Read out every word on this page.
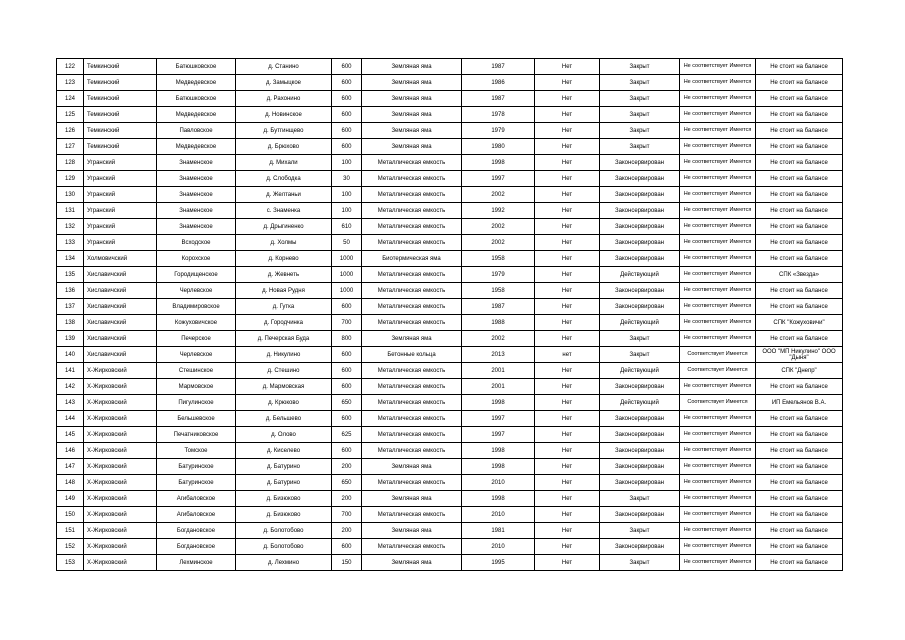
122	Темкинский	Батюшковское	д. Станино	600	Земляная яма	1987	Нет	Закрыт	Не соответствует Имеется	Не стоит на балансе
123	Темкинский	Медведевское	д. Замыцкое	600	Земляная яма	1986	Нет	Закрыт	Не соответствует Имеется	Не стоит на балансе
124	Темкинский	Батюшковское	д. Рахонино	600	Земляная яма	1987	Нет	Закрыт	Не соответствует Имеется	Не стоит на балансе
125	Темкинский	Медведевское	д. Новинское	600	Земляная яма	1978	Нет	Закрыт	Не соответствует Имеется	Не стоит на балансе
126	Темкинский	Павловское	д. Бутгинщево	600	Земляная яма	1979	Нет	Закрыт	Не соответствует Имеется	Не стоит на балансе
127	Темкинский	Медведевское	д. Брюхово	600	Земляная яма	1980	Нет	Закрыт	Не соответствует Имеется	Не стоит на балансе
128	Угранский	Знаменское	д. Михали	100	Металлическая емкость	1998	Нет	Законсервирован	Не соответствует Имеется	Не стоит на балансе
129	Угранский	Знаменское	д. Слободка	30	Металлическая емкость	1997	Нет	Законсервирован	Не соответствует Имеется	Не стоит на балансе
130	Угранский	Знаменское	д. Желтаньи	100	Металлическая емкость	2002	Нет	Законсервирован	Не соответствует Имеется	Не стоит на балансе
131	Угранский	Знаменское	с. Знаменка	100	Металлическая емкость	1992	Нет	Законсервирован	Не соответствует Имеется	Не стоит на балансе
132	Угранский	Знаменское	д. Дрыгиненко	610	Металлическая емкость	2002	Нет	Законсервирован	Не соответствует Имеется	Не стоит на балансе
133	Угранский	Всходское	д. Холмы	50	Металлическая емкость	2002	Нет	Законсервирован	Не соответствует Имеется	Не стоит на балансе
134	Холмовичский	Корохское	д. Корнево	1000	Биотермическая яма	1958	Нет	Законсервирован	Не соответствует Имеется	Не стоит на балансе
135	Хиславичский	Городищенское	д. Жевнеть	1000	Металлическая емкость	1979	Нет	Действующий	Не соответствует Имеется	СПК «Звезда»
136	Хиславичский	Черлевское	д. Новая Рудня	1000	Металлическая емкость	1958	Нет	Законсервирован	Не соответствует Имеется	Не стоит на балансе
137	Хиславичский	Владимировское	д. Гутка	600	Металлическая емкость	1987	Нет	Законсервирован	Не соответствует Имеется	Не стоит на балансе
138	Хиславичский	Кожуховичское	д. Городчинка	700	Металлическая емкость	1988	Нет	Действующий	Не соответствует Имеется	СПК "Кожуховичи"
139	Хиславичский	Печерское	д. Печерская Буда	800	Земляная яма	2002	Нет	Закрыт	Не соответствует Имеется	Не стоит на балансе
140	Хиславичский	Черлевское	д. Никулино	600	Бетонные кольца	2013	нет	Закрыт	Соответствует Имеется	ООО "МП Никулино" ООО "Дыня"
141	Х-Жирковский	Стешинское	д. Стешино	600	Металлическая емкость	2001	Нет	Действующий	Соответствует Имеется	СПК "Днепр"
142	Х-Жирковский	Мармовское	д. Мармовская	600	Металлическая емкость	2001	Нет	Законсервирован	Не соответствует Имеется	Не стоит на балансе
143	Х-Жирковский	Пигулинское	д. Крюково	650	Металлическая емкость	1998	Нет	Действующий	Соответствует Имеется	ИП Емельянов В.А.
144	Х-Жирковский	Бельшевское	д. Бельшево	600	Металлическая емкость	1997	Нет	Законсервирован	Не соответствует Имеется	Не стоит на балансе
145	Х-Жирковский	Печатниковское	д. Олово	625	Металлическая емкость	1997	Нет	Законсервирован	Не соответствует Имеется	Не стоит на балансе
146	Х-Жирковский	Томское	д. Киселево	600	Металлическая емкость	1998	Нет	Законсервирован	Не соответствует Имеется	Не стоит на балансе
147	Х-Жирковский	Батуринское	д. Батурино	200	Земляная яма	1998	Нет	Законсервирован	Не соответствует Имеется	Не стоит на балансе
148	Х-Жирковский	Батуринское	д. Батурино	650	Металлическая емкость	2010	Нет	Законсервирован	Не соответствует Имеется	Не стоит на балансе
149	Х-Жирковский	Агибаловское	д. Бизюково	200	Земляная яма	1998	Нет	Закрыт	Не соответствует Имеется	Не стоит на балансе
150	Х-Жирковский	Агибаловское	д. Бизюково	700	Металлическая емкость	2010	Нет	Законсервирован	Не соответствует Имеется	Не стоит на балансе
151	Х-Жирковский	Богдановское	д. Болотобово	200	Земляная яма	1981	Нет	Закрыт	Не соответствует Имеется	Не стоит на балансе
152	Х-Жирковский	Богдановское	д. Болотобово	600	Металлическая емкость	2010	Нет	Законсервирован	Не соответствует Имеется	Не стоит на балансе
153	Х-Жирковский	Лехминское	д. Лехмино	150	Земляная яма	1995	Нет	Закрыт	Не соответствует Имеется	Не стоит на балансе
